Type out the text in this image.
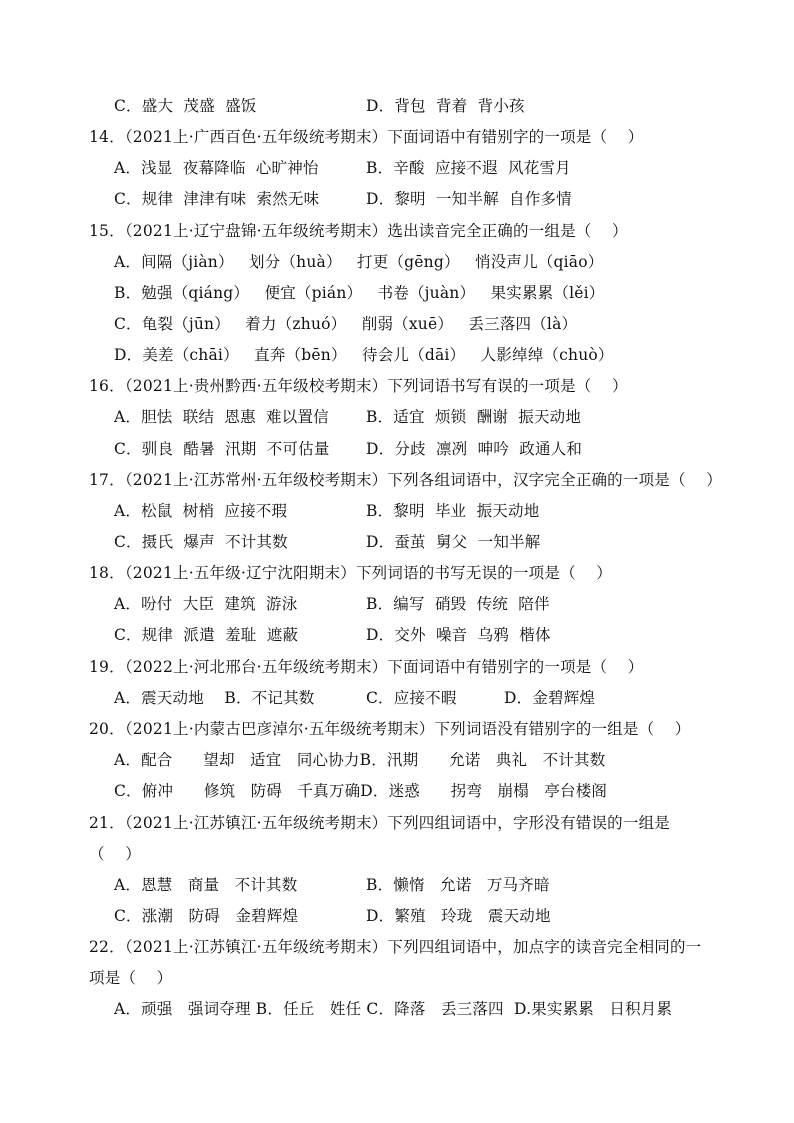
C．盛大  茂盛  盛饭	D．背包  背着  背小孩
14．（2021上·广西百色·五年级统考期末）下面词语中有错别字的一项是（    ）
A．浅显  夜幕降临  心旷神怡	B．辛酸  应接不遐  风花雪月
C．规律  津津有味  索然无味	D．黎明  一知半解  自作多情
15．（2021上·辽宁盘锦·五年级统考期末）选出读音完全正确的一组是（    ）
A．间隔（jiàn）   划分（huà）   打更（gēng）   悄没声儿（qiāo）
B．勉强（qiáng）   便宜（pián）   书卷（juàn）   果实累累（lěi）
C．龟裂（jūn）   着力（zhuó）   削弱（xuē）   丢三落四（là）
D．美差（chāi）   直奔（bēn）   待会儿（dāi）   人影绰绰（chuò）
16．（2021上·贵州黔西·五年级校考期末）下列词语书写有误的一项是（    ）
A．胆怯  联结  恩惠  难以置信 B．适宜  烦锁  酬谢  振天动地
C．驯良  酷暑  汛期  不可估量 D．分歧  凛冽  呻吟  政通人和
17．（2021上·江苏常州·五年级校考期末）下列各组词语中，汉字完全正确的一项是（    ）
A．松鼠  树梢  应接不瑕	B．黎明  毕业  振天动地
C．摄氏  爆声  不计其数	D．蚕茧  舅父  一知半解
18．（2021上·五年级·辽宁沈阳期末）下列词语的书写无误的一项是（    ）
A．吩付  大臣  建筑  游泳	B．编写  硝毁  传统  陪伴
C．规律  派遣  羞耻  遮蔽	D．交外  噪音  乌鸦  楷体
19．（2022上·河北邢台·五年级统考期末）下面词语中有错别字的一项是（    ）
A．震天动地    B．不记其数	C．应接不暇	D．金碧辉煌
20．（2021上·内蒙古巴彦淖尔·五年级统考期末）下列词语没有错别字的一组是（    ）
A．配合      望却   适宜   同心协力B．汛期      允诺   典礼   不计其数
C．俯冲      修筑   防碍   千真万确D．迷惑      拐弯   崩榻   亭台楼阁
21．（2021上·江苏镇江·五年级统考期末）下列四组词语中，字形没有错误的一组是
（    ）
A．恩慧   商量   不计其数	B．懒惰   允诺   万马齐暗
C．涨潮   防碍   金碧辉煌	D．繁殖   玲珑   震天动地
22．（2021上·江苏镇江·五年级统考期末）下列四组词语中，加点字的读音完全相同的一
项是（    ）
A．顽强   强词夺理 B．任丘   姓任 C．降落   丢三落四  D.果实累累   日积月累
